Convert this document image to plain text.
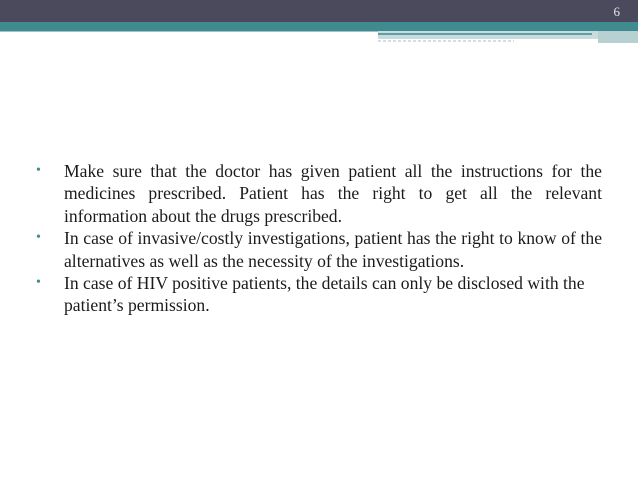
6
• Make sure that the doctor has given patient all the instructions for the medicines prescribed. Patient has the right to get all the relevant information about the drugs prescribed.
• In case of invasive/costly investigations, patient has the right to know of the alternatives as well as the necessity of the investigations.
• In case of HIV positive patients, the details can only be disclosed with the patient’s permission.
